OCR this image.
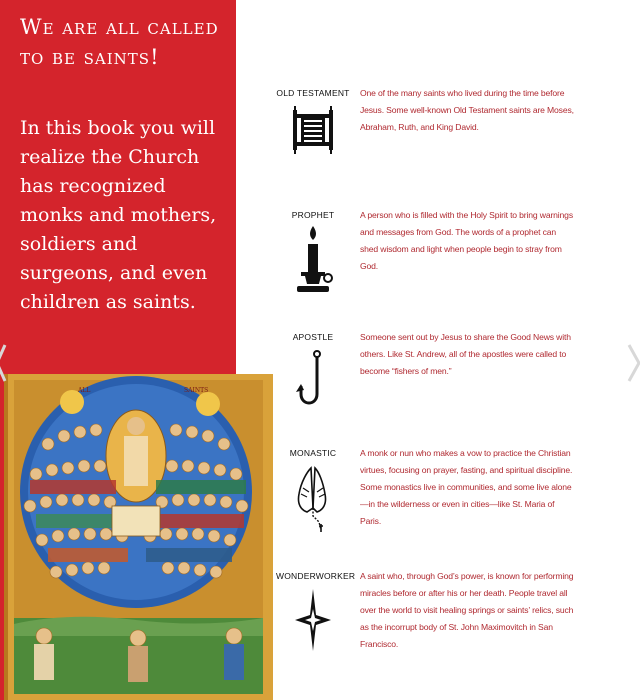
We are all called to be saints!

In this book you will realize the Church has recognized monks and mothers, soldiers and surgeons, and even children as saints.

ALL	SAINTS
OLD TESTAMENT One of the many saints who lived during the time before Jesus. Some well-known Old Testament saints are Moses, Abraham, Ruth, and King David.
PROPHET	A person who is filled with the Holy Spirit to bring warnings and messages from God. The words of a prophet can shed wisdom and light when people begin to stray from God.
APOSTLE	Someone sent out by Jesus to share the Good News with others. Like St. Andrew, all of the apostles were called to become “fishers of men.”
MONASTIC	A monk or nun who makes a vow to practice the Christian virtues, focusing on prayer, fasting, and spiritual discipline. Some monastics live in communities, and some live alone—in the wilderness or even in cities—like St. Maria of Paris.
WONDERWORKER A saint who, through God’s power, is known for performing miracles before or after his or her death. People travel all over the world to visit healing springs or saints’ relics, such as the incorrupt body of St. John Maximovitch in San Francisco.
